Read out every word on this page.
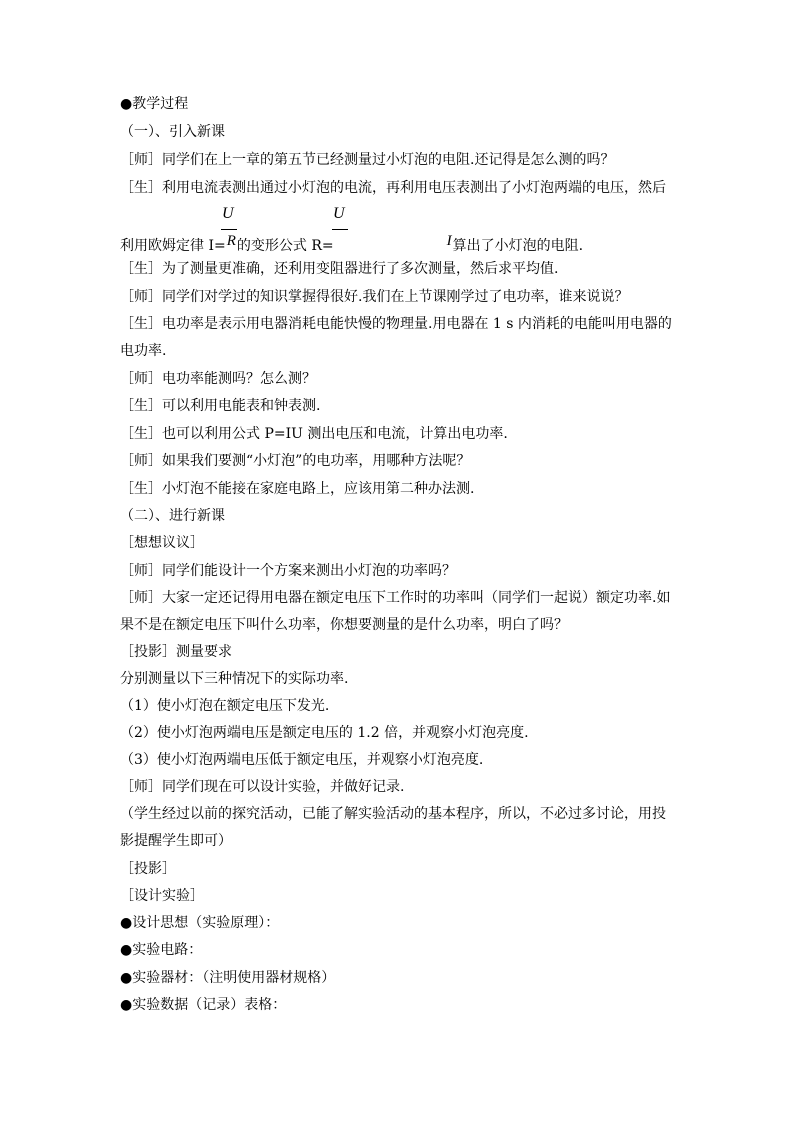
●教学过程
（一）、引入新课
［师］同学们在上一章的第五节已经测量过小灯泡的电阻.还记得是怎么测的吗？
［生］利用电流表测出通过小灯泡的电流，再利用电压表测出了小灯泡两端的电压，然后
利用欧姆定律 I=R的变形公式 R=	I算出了小灯泡的电阻.
U	U
［生］为了测量更准确，还利用变阻器进行了多次测量，然后求平均值.
［师］同学们对学过的知识掌握得很好.我们在上节课刚学过了电功率，谁来说说？
［生］电功率是表示用电器消耗电能快慢的物理量.用电器在 1 s 内消耗的电能叫用电器的
电功率.
［师］电功率能测吗？怎么测？
［生］可以利用电能表和钟表测.
［生］也可以利用公式 P=IU 测出电压和电流，计算出电功率.
［师］如果我们要测“小灯泡”的电功率，用哪种方法呢？
［生］小灯泡不能接在家庭电路上，应该用第二种办法测.
（二）、进行新课
［想想议议］
［师］同学们能设计一个方案来测出小灯泡的功率吗？
［师］大家一定还记得用电器在额定电压下工作时的功率叫（同学们一起说）额定功率.如
果不是在额定电压下叫什么功率，你想要测量的是什么功率，明白了吗？
［投影］测量要求
分别测量以下三种情况下的实际功率.
（1）使小灯泡在额定电压下发光.
（2）使小灯泡两端电压是额定电压的 1.2 倍，并观察小灯泡亮度.
（3）使小灯泡两端电压低于额定电压，并观察小灯泡亮度.
［师］同学们现在可以设计实验，并做好记录.
（学生经过以前的探究活动，已能了解实验活动的基本程序，所以，不必过多讨论，用投
影提醒学生即可）
［投影］
［设计实验］
●设计思想（实验原理）：
●实验电路：
●实验器材：（注明使用器材规格）
●实验数据（记录）表格：
